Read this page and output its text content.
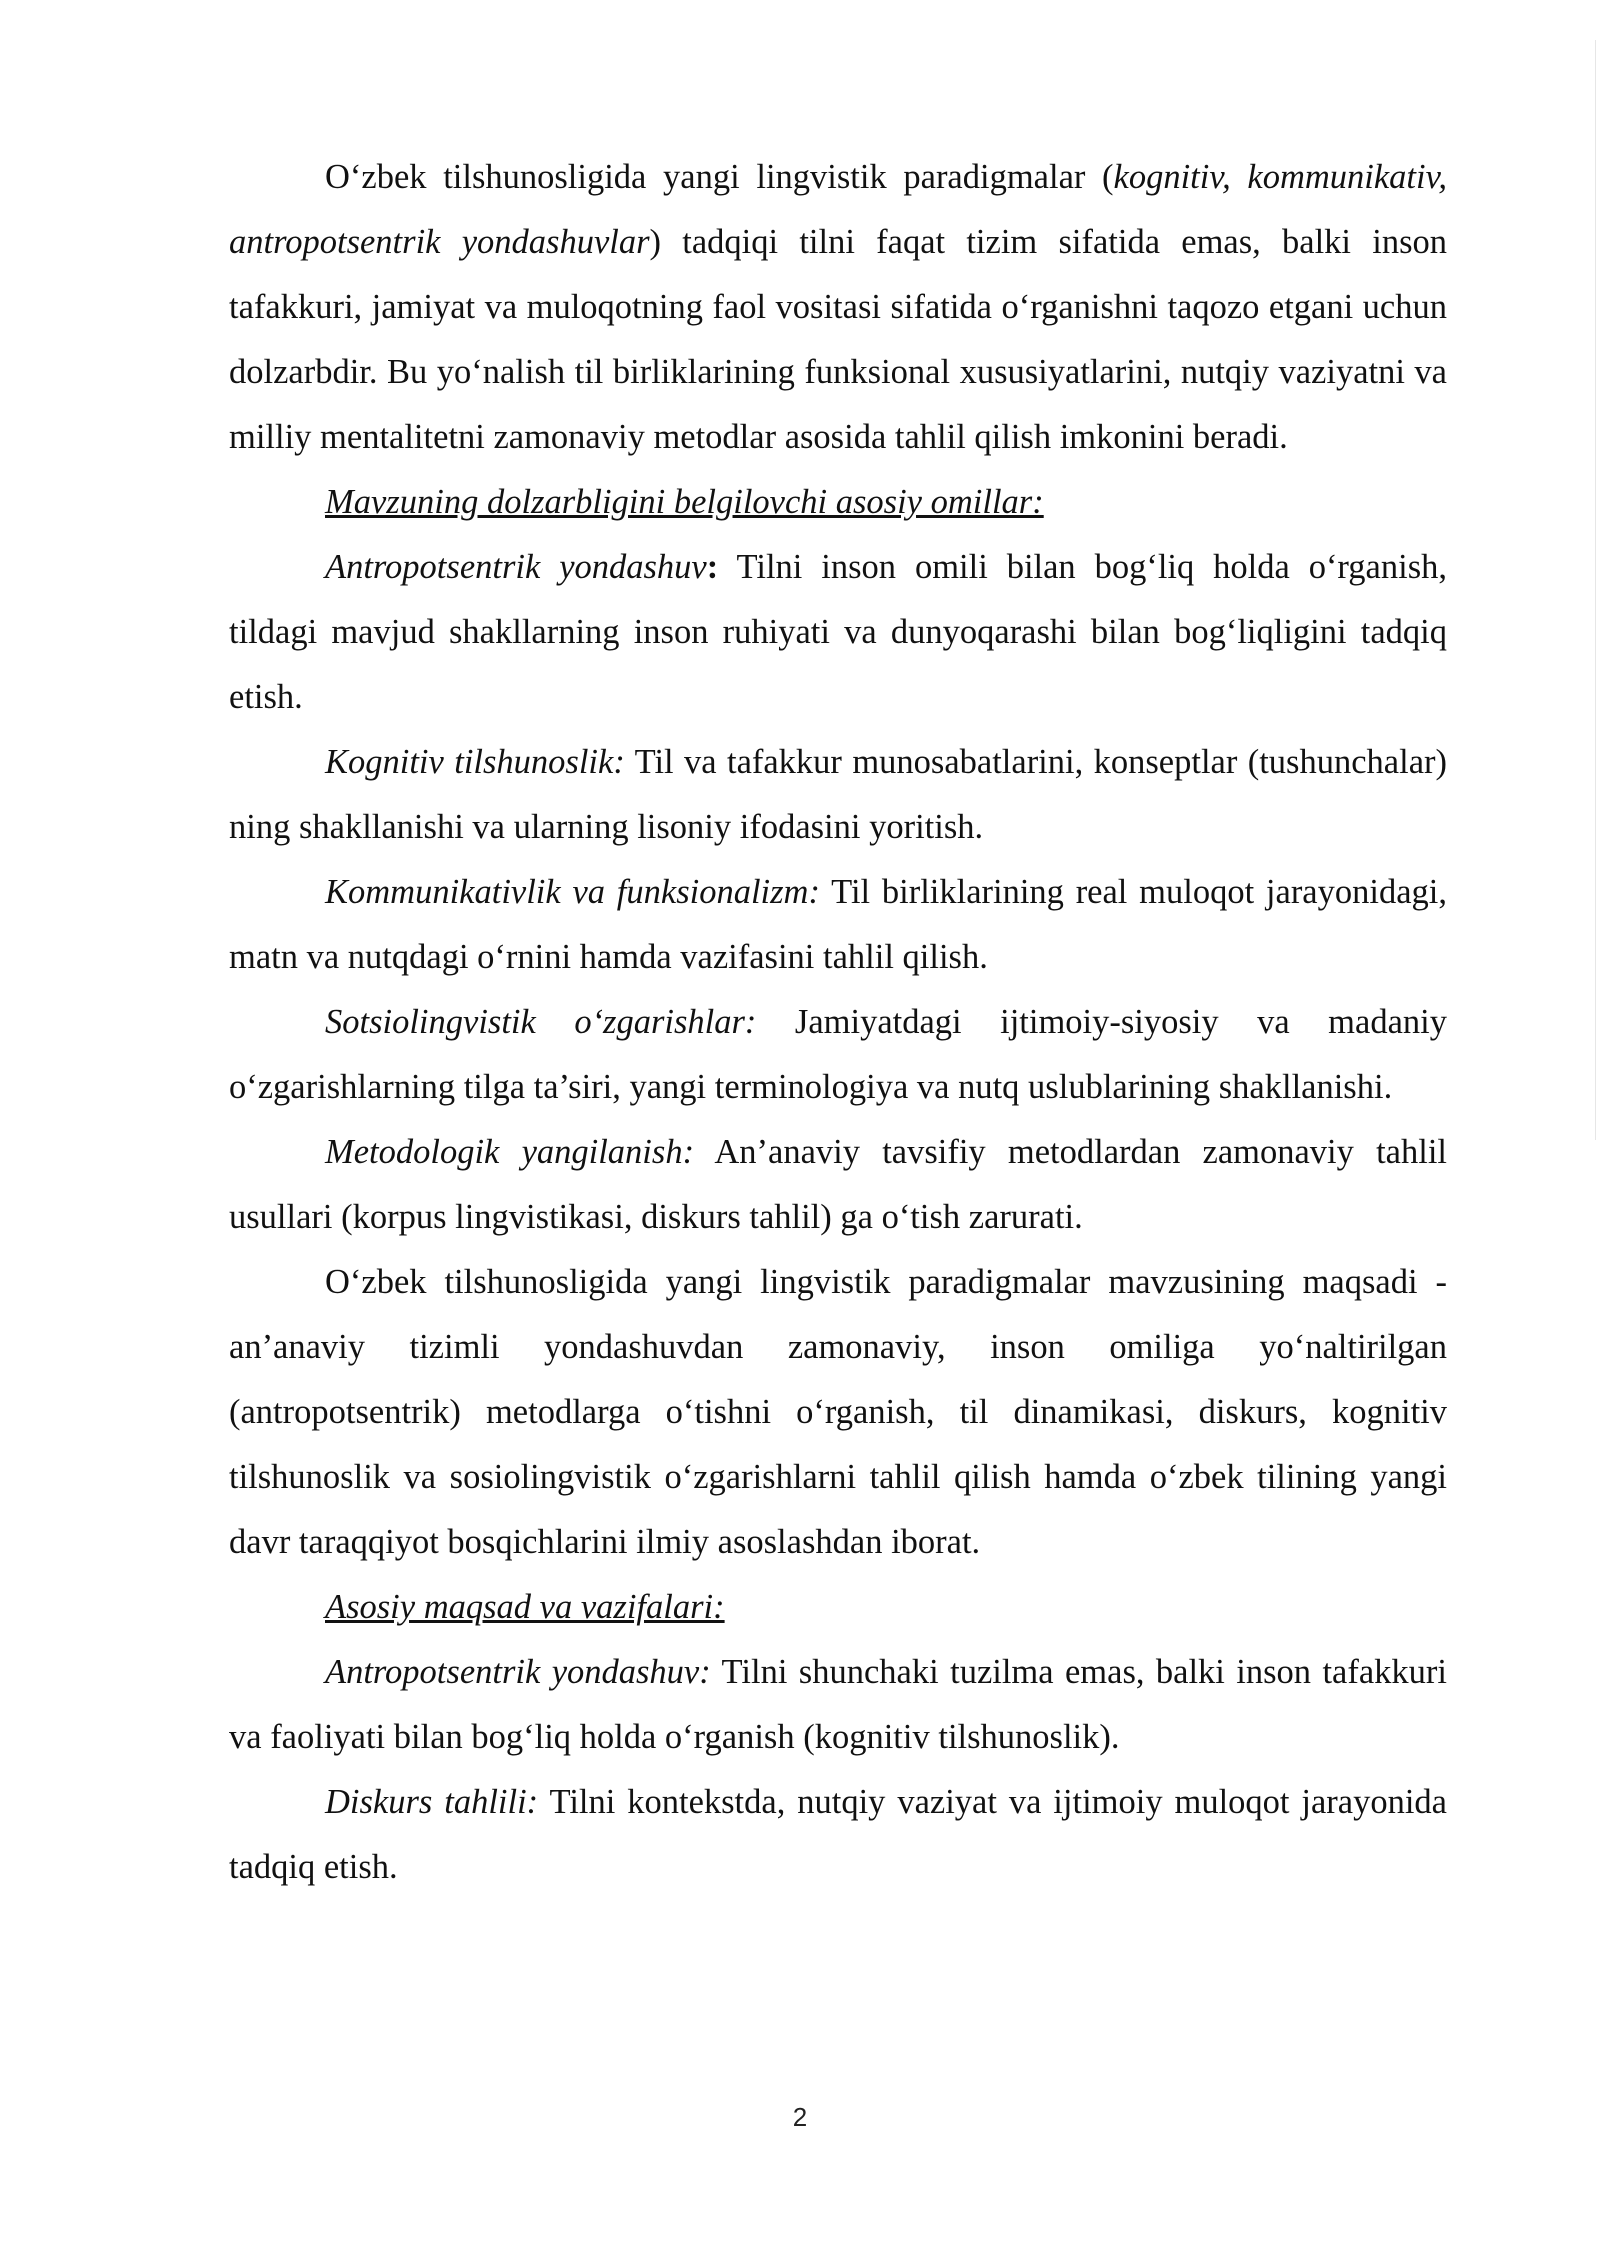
O‘zbek tilshunosligida yangi lingvistik paradigmalar (kognitiv, kommunikativ, antropotsentrik yondashuvlar) tadqiqi tilni faqat tizim sifatida emas, balki inson tafakkuri, jamiyat va muloqotning faol vositasi sifatida o‘rganishni taqozo etgani uchun dolzarbdir. Bu yo‘nalish til birliklarining funksional xususiyatlarini, nutqiy vaziyatni va milliy mentalitetni zamonaviy metodlar asosida tahlil qilish imkonini beradi.

Mavzuning dolzarbligini belgilovchi asosiy omillar:

Antropotsentrik yondashuv: Tilni inson omili bilan bog‘liq holda o‘rganish, tildagi mavjud shakllarning inson ruhiyati va dunyoqarashi bilan bog‘liqligini tadqiq etish.

Kognitiv tilshunoslik: Til va tafakkur munosabatlarini, konseptlar (tushunchalar) ning shakllanishi va ularning lisoniy ifodasini yoritish.

Kommunikativlik va funksionalizm: Til birliklarining real muloqot jarayonidagi, matn va nutqdagi o‘rnini hamda vazifasini tahlil qilish.

Sotsiolingvistik o‘zgarishlar: Jamiyatdagi ijtimoiy-siyosiy va madaniy o‘zgarishlarning tilga ta’siri, yangi terminologiya va nutq uslublarining shakllanishi.

Metodologik yangilanish: An’anaviy tavsifiy metodlardan zamonaviy tahlil usullari (korpus lingvistikasi, diskurs tahlil) ga o‘tish zarurati.

O‘zbek tilshunosligida yangi lingvistik paradigmalar mavzusining maqsadi - an’anaviy tizimli yondashuvdan zamonaviy, inson omiliga yo‘naltirilgan (antropotsentrik) metodlarga o‘tishni o‘rganish, til dinamikasi, diskurs, kognitiv tilshunoslik va sosiolingvistik o‘zgarishlarni tahlil qilish hamda o‘zbek tilining yangi davr taraqqiyot bosqichlarini ilmiy asoslashdan iborat.

Asosiy maqsad va vazifalari:

Antropotsentrik yondashuv: Tilni shunchaki tuzilma emas, balki inson tafakkuri va faoliyati bilan bog‘liq holda o‘rganish (kognitiv tilshunoslik).

Diskurs tahlili: Tilni kontekstda, nutqiy vaziyat va ijtimoiy muloqot jarayonida tadqiq etish.

2
